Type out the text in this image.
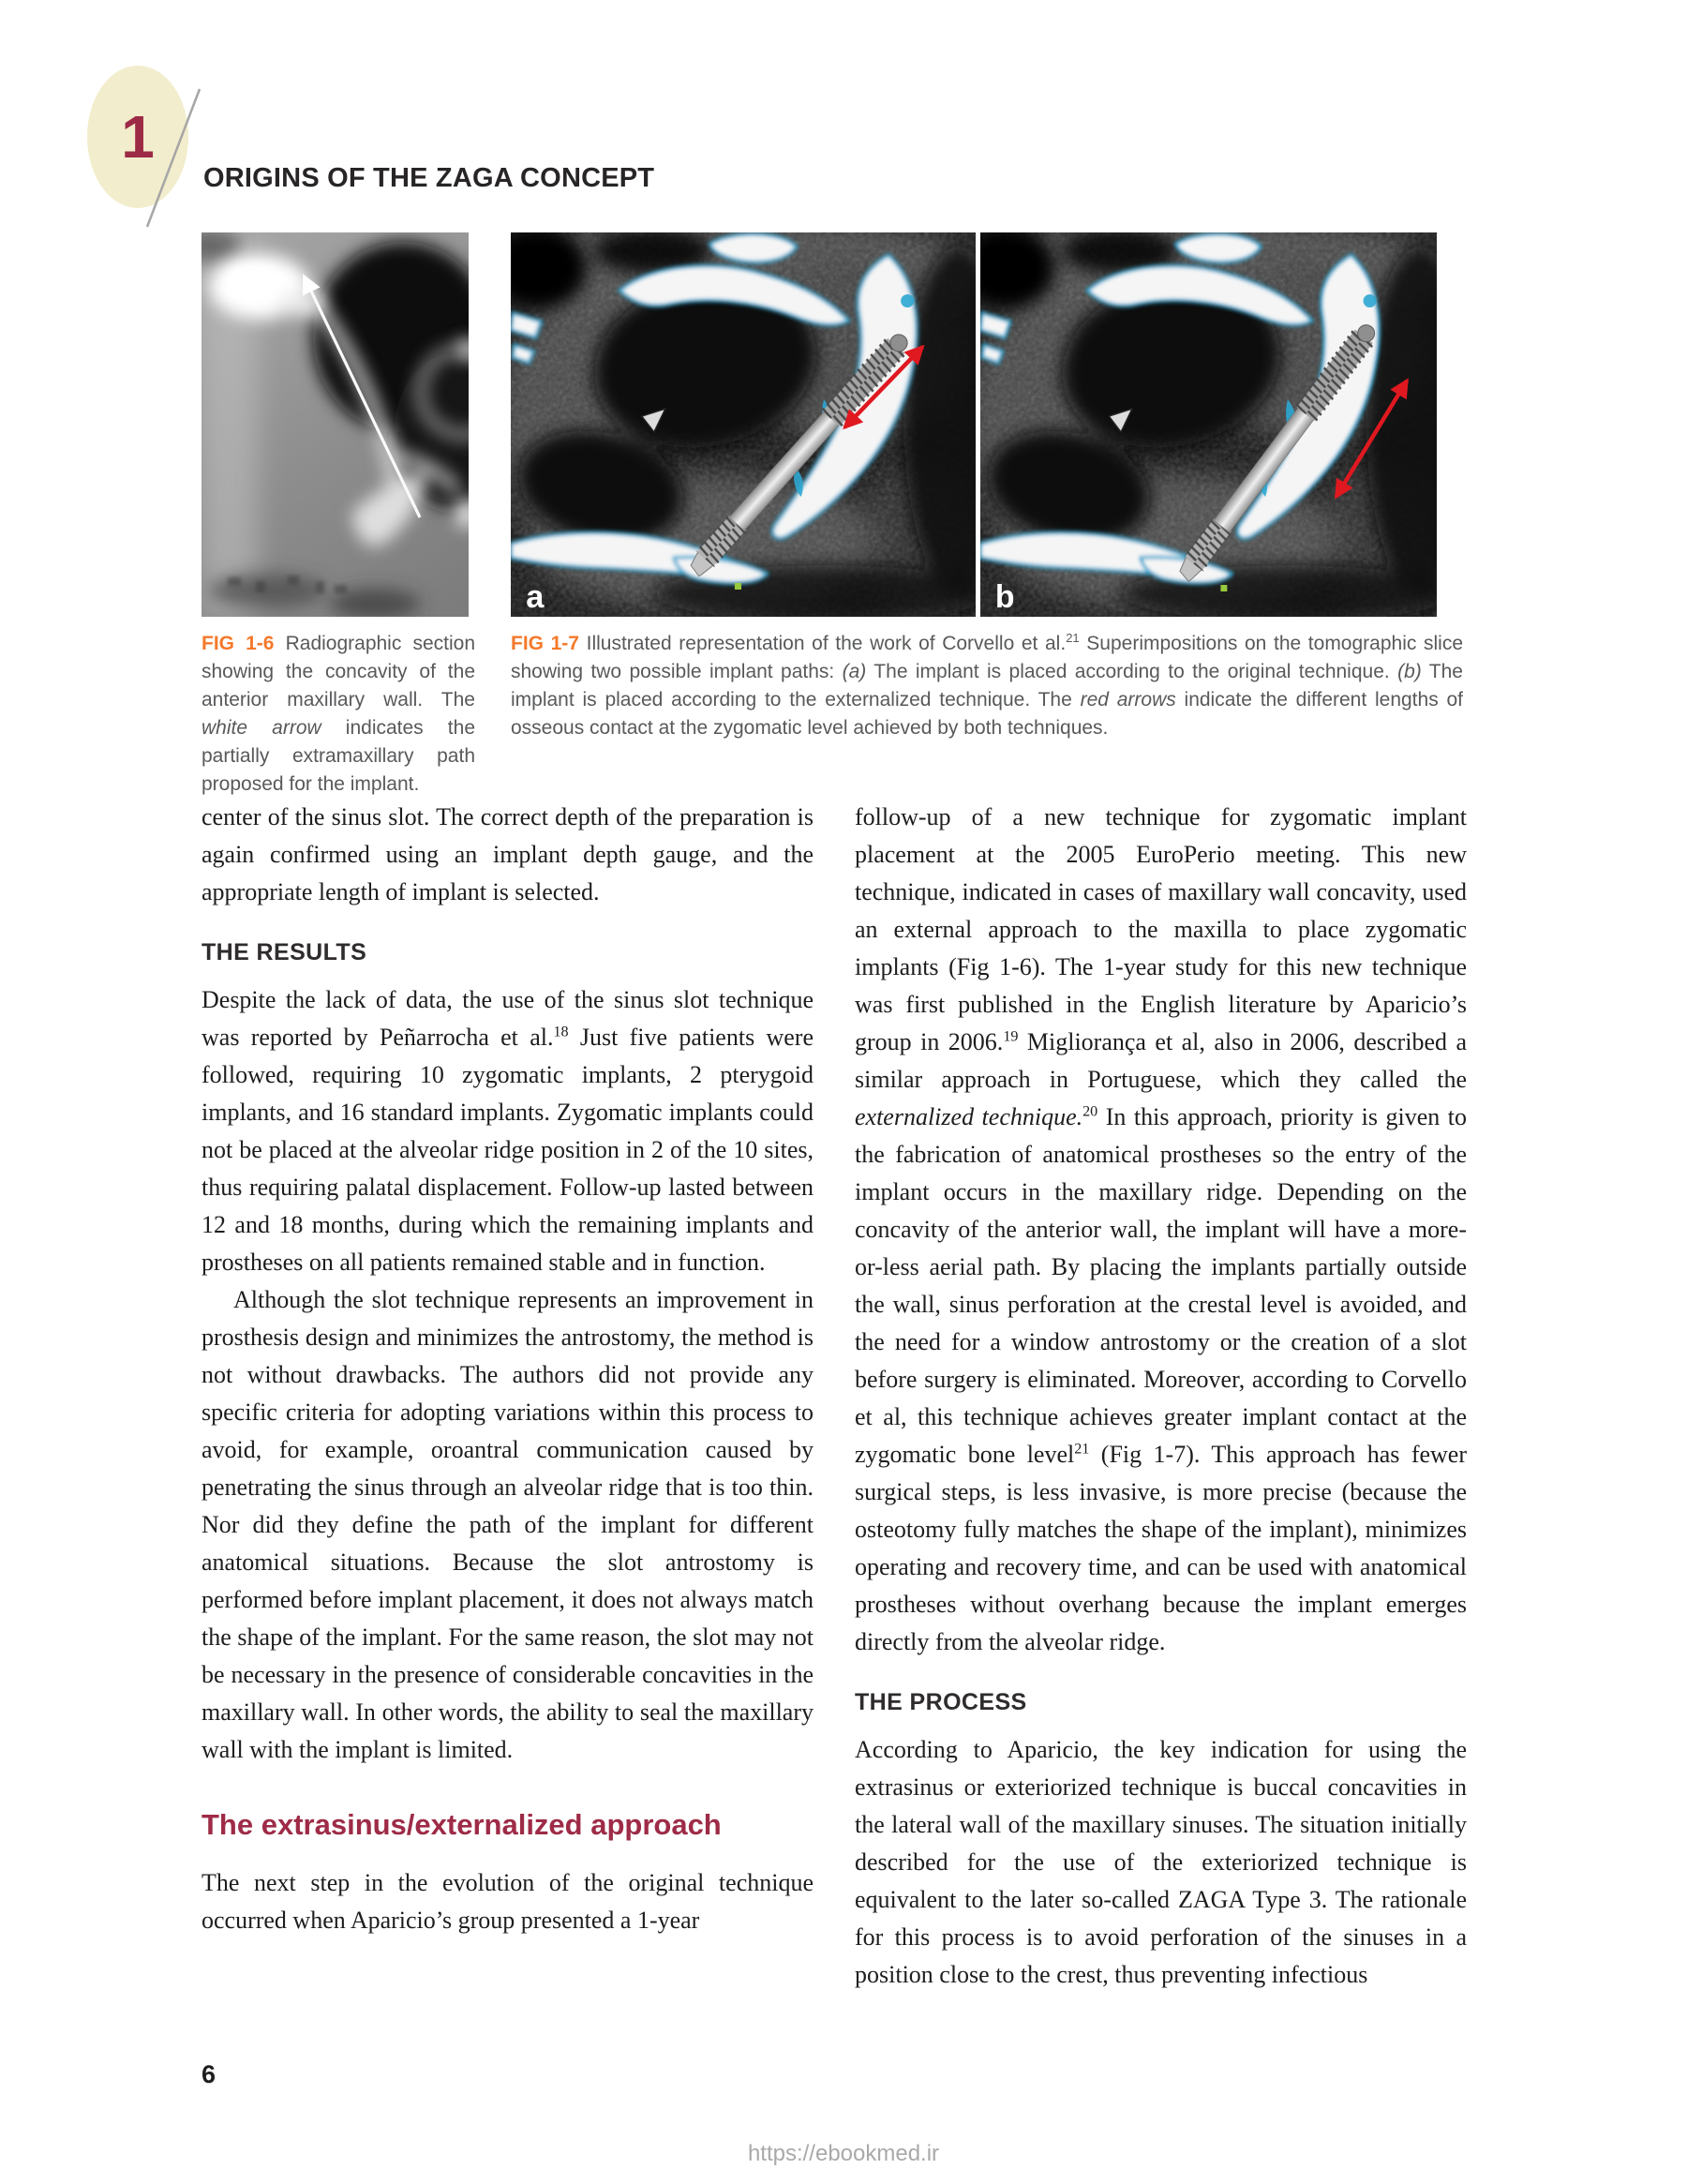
1
ORIGINS OF THE ZAGA CONCEPT
a	b

FIG 1-6 Radiographic section showing the concavity of the anterior maxillary wall. The white arrow indicates the partially extramaxillary path proposed for the implant.

FIG 1-7 Illustrated representation of the work of Corvello et al.$^{21}$ Superimpositions on the tomographic slice showing two possible implant paths: (a) The implant is placed according to the original technique. (b) The implant is placed according to the externalized technique. The red arrows indicate the different lengths of osseous contact at the zygomatic level achieved by both techniques.

center of the sinus slot. The correct depth of the preparation is again confirmed using an implant depth gauge, and the appropriate length of implant is selected.

THE RESULTS

Despite the lack of data, the use of the sinus slot technique was reported by Peñarrocha et al.$^{18}$ Just five patients were followed, requiring 10 zygomatic implants, 2 pterygoid implants, and 16 standard implants. Zygomatic implants could not be placed at the alveolar ridge position in 2 of the 10 sites, thus requiring palatal displacement. Follow-up lasted between 12 and 18 months, during which the remaining implants and prostheses on all patients remained stable and in function.

Although the slot technique represents an improvement in prosthesis design and minimizes the antrostomy, the method is not without drawbacks. The authors did not provide any specific criteria for adopting variations within this process to avoid, for example, oroantral communication caused by penetrating the sinus through an alveolar ridge that is too thin. Nor did they define the path of the implant for different anatomical situations. Because the slot antrostomy is performed before implant placement, it does not always match the shape of the implant. For the same reason, the slot may not be necessary in the presence of considerable concavities in the maxillary wall. In other words, the ability to seal the maxillary wall with the implant is limited.

The extrasinus/externalized approach

The next step in the evolution of the original technique occurred when Aparicio’s group presented a 1-year

follow-up of a new technique for zygomatic implant placement at the 2005 EuroPerio meeting. This new technique, indicated in cases of maxillary wall concavity, used an external approach to the maxilla to place zygomatic implants (Fig 1-6). The 1-year study for this new technique was first published in the English literature by Aparicio’s group in 2006.19 Migliorança et al, also in 2006, described a similar approach in Portuguese, which they called the externalized technique.$^{20}$ In this approach, priority is given to the fabrication of anatomical prostheses so the entry of the implant occurs in the maxillary ridge. Depending on the concavity of the anterior wall, the implant will have a more-or-less aerial path. By placing the implants partially outside the wall, sinus perforation at the crestal level is avoided, and the need for a window antrostomy or the creation of a slot before surgery is eliminated. Moreover, according to Corvello et al, this technique achieves greater implant contact at the zygomatic bone level$^{21}$ (Fig 1-7). This approach has fewer surgical steps, is less invasive, is more precise (because the osteotomy fully matches the shape of the implant), minimizes operating and recovery time, and can be used with anatomical prostheses without overhang because the implant emerges directly from the alveolar ridge.

THE PROCESS

According to Aparicio, the key indication for using the extrasinus or exteriorized technique is buccal concavities in the lateral wall of the maxillary sinuses. The situation initially described for the use of the exteriorized technique is equivalent to the later so-called ZAGA Type 3. The rationale for this process is to avoid perforation of the sinuses in a position close to the crest, thus preventing infectious

6
https://ebookmed.ir
